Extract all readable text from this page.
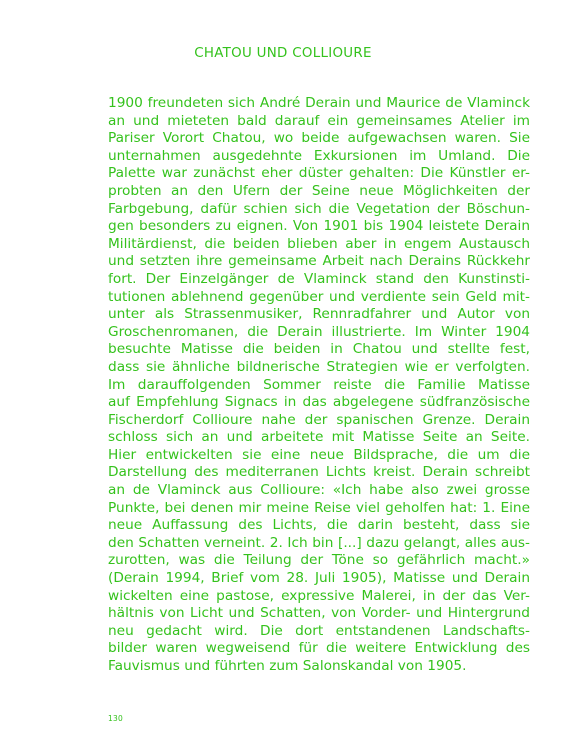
CHATOU UND COLLIOURE
1900 freundeten sich André Derain und Maurice de Vlaminck
an und mieteten bald darauf ein gemeinsames Atelier im
Pariser Vorort Chatou, wo beide aufgewachsen waren. Sie
unternahmen ausgedehnte Exkursionen im Umland. Die
Palette war zunächst eher düster gehalten: Die Künstler er-
probten an den Ufern der Seine neue Möglichkeiten der
Farbgebung, dafür schien sich die Vegetation der Böschun-
gen besonders zu eignen. Von 1901 bis 1904 leistete Derain
Militärdienst, die beiden blieben aber in engem Austausch
und setzten ihre gemeinsame Arbeit nach Derains Rückkehr
fort. Der Einzelgänger de Vlaminck stand den Kunstinsti-
tutionen ablehnend gegenüber und verdiente sein Geld mit-
unter als Strassenmusiker, Rennradfahrer und Autor von
Groschenromanen, die Derain illustrierte. Im Winter 1904
besuchte Matisse die beiden in Chatou und stellte fest,
dass sie ähnliche bildnerische Strategien wie er verfolgten.
Im darauffolgenden Sommer reiste die Familie Matisse
auf Empfehlung Signacs in das abgelegene südfranzösische
Fischerdorf Collioure nahe der spanischen Grenze. Derain
schloss sich an und arbeitete mit Matisse Seite an Seite.
Hier entwickelten sie eine neue Bildsprache, die um die
Darstellung des mediterranen Lichts kreist. Derain schreibt
an de Vlaminck aus Collioure: «Ich habe also zwei grosse
Punkte, bei denen mir meine Reise viel geholfen hat: 1. Eine
neue Auffassung des Lichts, die darin besteht, dass sie
den Schatten verneint. 2. Ich bin [...] dazu gelangt, alles aus-
zurotten, was die Teilung der Töne so gefährlich macht.»
(Derain 1994, Brief vom 28. Juli 1905), Matisse und Derain
wickelten eine pastose, expressive Malerei, in der das Ver-
hältnis von Licht und Schatten, von Vorder- und Hintergrund
neu gedacht wird. Die dort entstandenen Landschafts-
bilder waren wegweisend für die weitere Entwicklung des
Fauvismus und führten zum Salonskandal von 1905.
130
